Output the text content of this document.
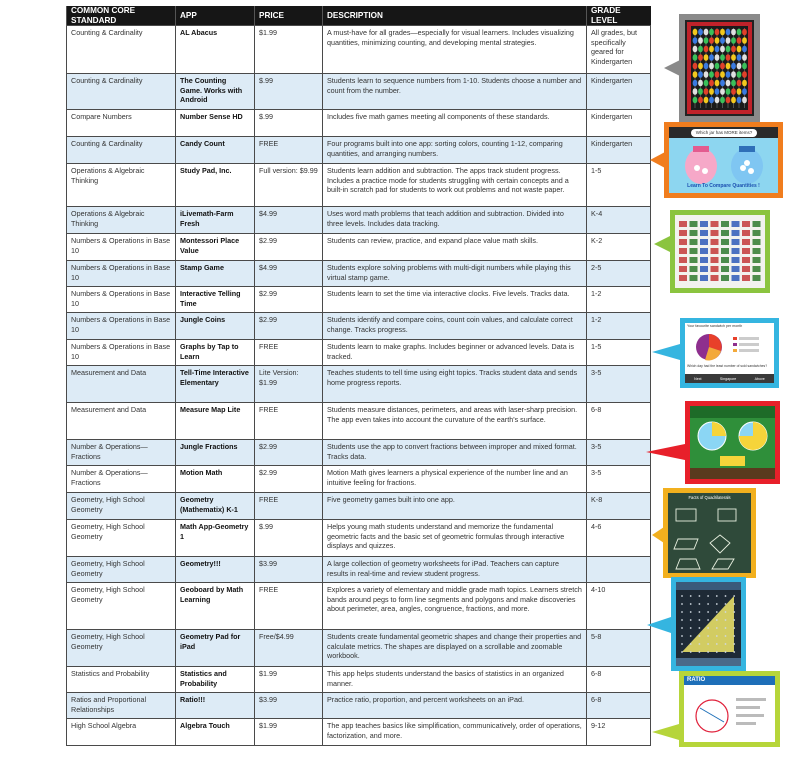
COMMON CORE STANDARD	APP	PRICE	DESCRIPTION	GRADE LEVEL
Counting & Cardinality	AL Abacus	$1.99	A must-have for all grades—especially for visual learners. Includes visualizing quantities, minimizing counting, and developing mental strategies.	All grades, but specifically geared for Kindergarten
Counting & Cardinality	The Counting Game. Works with Android	$.99	Students learn to sequence numbers from 1-10. Students choose a number and count from the number.	Kindergarten
Compare Numbers	Number Sense HD	$.99	Includes five math games meeting all components of these standards.	Kindergarten
Counting & Cardinality	Candy Count	FREE	Four programs built into one app: sorting colors, counting 1-12, comparing quantities, and arranging numbers.	Kindergarten
Operations & Algebraic Thinking	Study Pad, Inc.	Full version: $9.99	Students learn addition and subtraction. The apps track student progress. Includes a practice mode for students struggling with certain concepts and a built-in scratch pad for students to work out problems and not waste paper.	1-5
Operations & Algebraic Thinking	iLivemath-Farm Fresh	$4.99	Uses word math problems that teach addition and subtraction. Divided into three levels. Includes data tracking.	K-4
Numbers & Operations in Base 10	Montessori Place Value	$2.99	Students can review, practice, and expand place value math skills.	K-2
Numbers & Operations in Base 10	Stamp Game	$4.99	Students explore solving problems with multi-digit numbers while playing this virtual stamp game.	2-5
Numbers & Operations in Base 10	Interactive Telling Time	$2.99	Students learn to set the time via interactive clocks. Five levels. Tracks data.	1-2
Numbers & Operations in Base 10	Jungle Coins	$2.99	Students identify and compare coins, count coin values, and calculate correct change. Tracks progress.	1-2
Numbers & Operations in Base 10	Graphs by Tap to Learn	FREE	Students learn to make graphs. Includes beginner or advanced levels. Data is tracked.	1-5
Measurement and Data	Tell-Time Interactive Elementary	Lite Version: $1.99	Teaches students to tell time using eight topics. Tracks student data and sends home progress reports.	3-5
Measurement and Data	Measure Map Lite	FREE	Students measure distances, perimeters, and areas with laser-sharp precision. The app even takes into account the curvature of the earth's surface.	6-8
Number & Operations—Fractions	Jungle Fractions	$2.99	Students use the app to convert fractions between improper and mixed format. Tracks data.	3-5
Number & Operations—Fractions	Motion Math	$2.99	Motion Math gives learners a physical experience of the number line and an intuitive feeling for fractions.	3-5
Geometry, High School Geometry	Geometry (Mathematix) K-1	FREE	Five geometry games built into one app.	K-8
Geometry, High School Geometry	Math App-Geometry 1	$.99	Helps young math students understand and memorize the fundamental geometric facts and the basic set of geometric formulas through interactive displays and quizzes.	4-6
Geometry, High School Geometry	Geometry!!!	$3.99	A large collection of geometry worksheets for iPad. Teachers can capture results in real-time and review student progress.	
Geometry, High School Geometry	Geoboard by Math Learning	FREE	Explores a variety of elementary and middle grade math topics. Learners stretch bands around pegs to form line segments and polygons and make discoveries about perimeter, area, angles, congruence, fractions, and more.	4-10
Geometry, High School Geometry	Geometry Pad for iPad	Free/$4.99	Students create fundamental geometric shapes and change their properties and calculate metrics. The shapes are displayed on a scrollable and zoomable workbook.	5-8
Statistics and Probability	Statistics and Probability	$1.99	This app helps students understand the basics of statistics in an organized manner.	6-8
Ratios and Proportional Relationships	Ratio!!!	$3.99	Practice ratio, proportion, and percent worksheets on an iPad.	6-8
High School Algebra	Algebra Touch	$1.99	The app teaches basics like simplification, communicatively, order of operations, factorization, and more.	9-12
Which jar has MORE items?
Learn To Compare Quantities !
Your favourite sandwich per month
Which day had the least number of sold sandwiches?
Next	Singapore	Above
Facts of Quadrilaterals
RATIO
